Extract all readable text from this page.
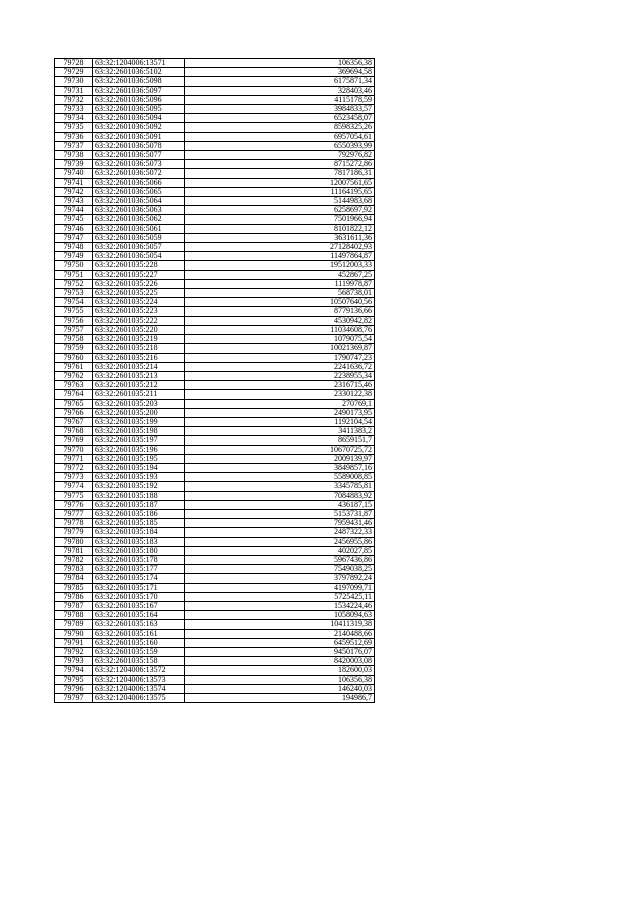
79728	63:32:1204006:13571	106356,38
79729	63:32:2601036:5102	369694,58
79730	63:32:2601036:5098	6175871,34
79731	63:32:2601036:5097	328403,46
79732	63:32:2601036:5096	4115178,59
79733	63:32:2601036:5095	3984833,57
79734	63:32:2601036:5094	6523458,07
79735	63:32:2601036:5092	8598325,26
79736	63:32:2601036:5091	6957054,61
79737	63:32:2601036:5078	6550393,99
79738	63:32:2601036:5077	792976,82
79739	63:32:2601036:5073	8715272,86
79740	63:32:2601036:5072	7817186,31
79741	63:32:2601036:5066	12007561,65
79742	63:32:2601036:5065	11164195,65
79743	63:32:2601036:5064	5144983,68
79744	63:32:2601036:5063	6258697,92
79745	63:32:2601036:5062	7501966,94
79746	63:32:2601036:5061	8101822,12
79747	63:32:2601036:5059	3631611,36
79748	63:32:2601036:5057	27128402,93
79749	63:32:2601036:5054	11497864,87
79750	63:32:2601035:228	19512003,33
79751	63:32:2601035:227	452867,25
79752	63:32:2601035:226	1119978,87
79753	63:32:2601035:225	568738,01
79754	63:32:2601035:224	10507640,56
79755	63:32:2601035:223	8779136,66
79756	63:32:2601035:222	4530942,82
79757	63:32:2601035:220	11034608,76
79758	63:32:2601035:219	1079075,54
79759	63:32:2601035:218	10021369,87
79760	63:32:2601035:216	1790747,23
79761	63:32:2601035:214	2241636,72
79762	63:32:2601035:213	2238955,34
79763	63:32:2601035:212	2316715,46
79764	63:32:2601035:211	2330122,38
79765	63:32:2601035:203	270769,1
79766	63:32:2601035:200	2490173,95
79767	63:32:2601035:199	1192104,54
79768	63:32:2601035:198	3411383,2
79769	63:32:2601035:197	8659151,7
79770	63:32:2601035:196	10670725,72
79771	63:32:2601035:195	2009139,97
79772	63:32:2601035:194	3849857,16
79773	63:32:2601035:193	5589008,85
79774	63:32:2601035:192	3345785,81
79775	63:32:2601035:188	7084883,92
79776	63:32:2601035:187	436187,15
79777	63:32:2601035:186	5153731,87
79778	63:32:2601035:185	7959431,46
79779	63:32:2601035:184	2487322,33
79780	63:32:2601035:183	2456955,86
79781	63:32:2601035:180	402027,85
79782	63:32:2601035:178	5967436,86
79783	63:32:2601035:177	7549038,25
79784	63:32:2601035:174	3797892,24
79785	63:32:2601035:171	4197099,71
79786	63:32:2601035:170	5725425,11
79787	63:32:2601035:167	1534224,46
79788	63:32:2601035:164	1058094,63
79789	63:32:2601035:163	10411319,38
79790	63:32:2601035:161	2140488,66
79791	63:32:2601035:160	6459512,69
79792	63:32:2601035:159	9450176,07
79793	63:32:2601035:158	8420003,08
79794	63:32:1204006:13572	182600,03
79795	63:32:1204006:13573	106356,38
79796	63:32:1204006:13574	146240,03
79797	63:32:1204006:13575	194986,7
